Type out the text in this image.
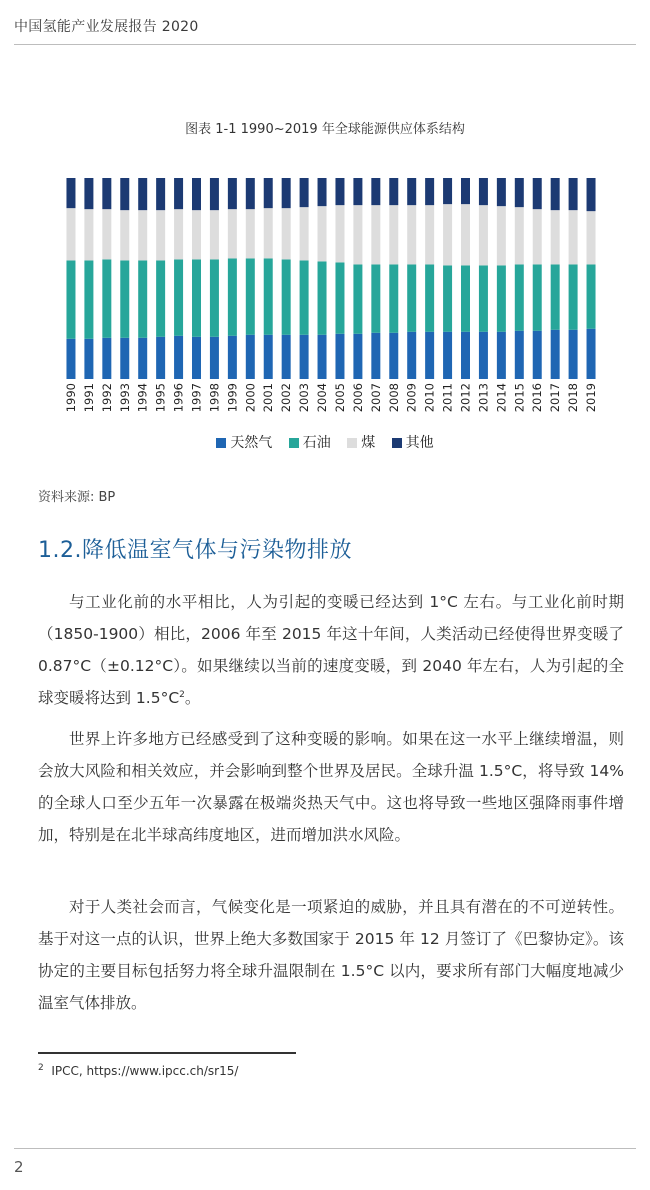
中国氢能产业发展报告 2020
图表 1-1 1990~2019 年全球能源供应体系结构
1990 1991 1992 1993 1994 1995 1996 1997 1998 1999 2000 2001 2002 2003 2004 2005 2006 2007 2008 2009 2010 2011 2012 2013 2014 2015 2016 2017 2018 2019
天然气 石油 煤 其他
资料来源: BP
1.2.降低温室气体与污染物排放

与工业化前的水平相比，人为引起的变暖已经达到 1°C 左右。与工业化前时期（1850-1900）相比，2006 年至 2015 年这十年间，人类活动已经使得世界变暖了 0.87°C（±0.12°C）。如果继续以当前的速度变暖，到 2040 年左右，人为引起的全球变暖将达到 $1.5^\circ C^2$。

世界上许多地方已经感受到了这种变暖的影响。如果在这一水平上继续增温，则会放大风险和相关效应，并会影响到整个世界及居民。全球升温 1.5°C，将导致 14%的全球人口至少五年一次暴露在极端炎热天气中。这也将导致一些地区强降雨事件增加，特别是在北半球高纬度地区，进而增加洪水风险。

对于人类社会而言，气候变化是一项紧迫的威胁，并且具有潜在的不可逆转性。基于对这一点的认识，世界上绝大多数国家于 2015 年 12 月签订了《巴黎协定》。该协定的主要目标包括努力将全球升温限制在 1.5°C 以内，要求所有部门大幅度地减少温室气体排放。

$^2$ IPCC, https://www.ipcc.ch/sr15/
2
